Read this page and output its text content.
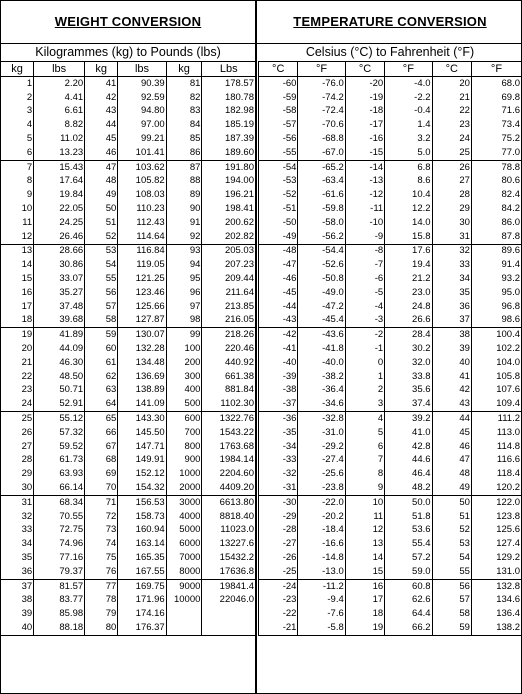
WEIGHT CONVERSION
Kilogrammes (kg) to Pounds (lbs)
kg	lbs	kg	lbs	kg	Lbs
1	2.20	41	90.39	81	178.57
2	4.41	42	92.59	82	180.78
3	6.61	43	94.80	83	182.98
4	8.82	44	97.00	84	185.19
5	11.02	45	99.21	85	187.39
6	13.23	46	101.41	86	189.60
7	15.43	47	103.62	87	191.80
8	17.64	48	105.82	88	194.00
9	19.84	49	108.03	89	196.21
10	22.05	50	110.23	90	198.41
11	24.25	51	112.43	91	200.62
12	26.46	52	114.64	92	202.82
13	28.66	53	116.84	93	205.03
14	30.86	54	119.05	94	207.23
15	33.07	55	121.25	95	209.44
16	35.27	56	123.46	96	211.64
17	37.48	57	125.66	97	213.85
18	39.68	58	127.87	98	216.05
19	41.89	59	130.07	99	218.26
20	44.09	60	132.28	100	220.46
21	46.30	61	134.48	200	440.92
22	48.50	62	136.69	300	661.38
23	50.71	63	138.89	400	881.84
24	52.91	64	141.09	500	1102.30
25	55.12	65	143.30	600	1322.76
26	57.32	66	145.50	700	1543.22
27	59.52	67	147.71	800	1763.68
28	61.73	68	149.91	900	1984.14
29	63.93	69	152.12	1000	2204.60
30	66.14	70	154.32	2000	4409.20
31	68.34	71	156.53	3000	6613.80
32	70.55	72	158.73	4000	8818.40
33	72.75	73	160.94	5000	11023.0
34	74.96	74	163.14	6000	13227.6
35	77.16	75	165.35	7000	15432.2
36	79.37	76	167.55	8000	17636.8
37	81.57	77	169.75	9000	19841.4
38	83.77	78	171.96	10000	22046.0
39	85.98	79	174.16		
40	88.18	80	176.37		
TEMPERATURE CONVERSION
Celsius (°C) to Fahrenheit (°F)
°C	°F	°C	°F	°C	°F
-60	-76.0	-20	-4.0	20	68.0
-59	-74.2	-19	-2.2	21	69.8
-58	-72.4	-18	-0.4	22	71.6
-57	-70.6	-17	1.4	23	73.4
-56	-68.8	-16	3.2	24	75.2
-55	-67.0	-15	5.0	25	77.0
-54	-65.2	-14	6.8	26	78.8
-53	-63.4	-13	8.6	27	80.6
-52	-61.6	-12	10.4	28	82.4
-51	-59.8	-11	12.2	29	84.2
-50	-58.0	-10	14.0	30	86.0
-49	-56.2	-9	15.8	31	87.8
-48	-54.4	-8	17.6	32	89.6
-47	-52.6	-7	19.4	33	91.4
-46	-50.8	-6	21.2	34	93.2
-45	-49.0	-5	23.0	35	95.0
-44	-47.2	-4	24.8	36	96.8
-43	-45.4	-3	26.6	37	98.6
-42	-43.6	-2	28.4	38	100.4
-41	-41.8	-1	30.2	39	102.2
-40	-40.0	0	32.0	40	104.0
-39	-38.2	1	33.8	41	105.8
-38	-36.4	2	35.6	42	107.6
-37	-34.6	3	37.4	43	109.4
-36	-32.8	4	39.2	44	111.2
-35	-31.0	5	41.0	45	113.0
-34	-29.2	6	42.8	46	114.8
-33	-27.4	7	44.6	47	116.6
-32	-25.6	8	46.4	48	118.4
-31	-23.8	9	48.2	49	120.2
-30	-22.0	10	50.0	50	122.0
-29	-20.2	11	51.8	51	123.8
-28	-18.4	12	53.6	52	125.6
-27	-16.6	13	55.4	53	127.4
-26	-14.8	14	57.2	54	129.2
-25	-13.0	15	59.0	55	131.0
-24	-11.2	16	60.8	56	132.8
-23	-9.4	17	62.6	57	134.6
-22	-7.6	18	64.4	58	136.4
-21	-5.8	19	66.2	59	138.2
